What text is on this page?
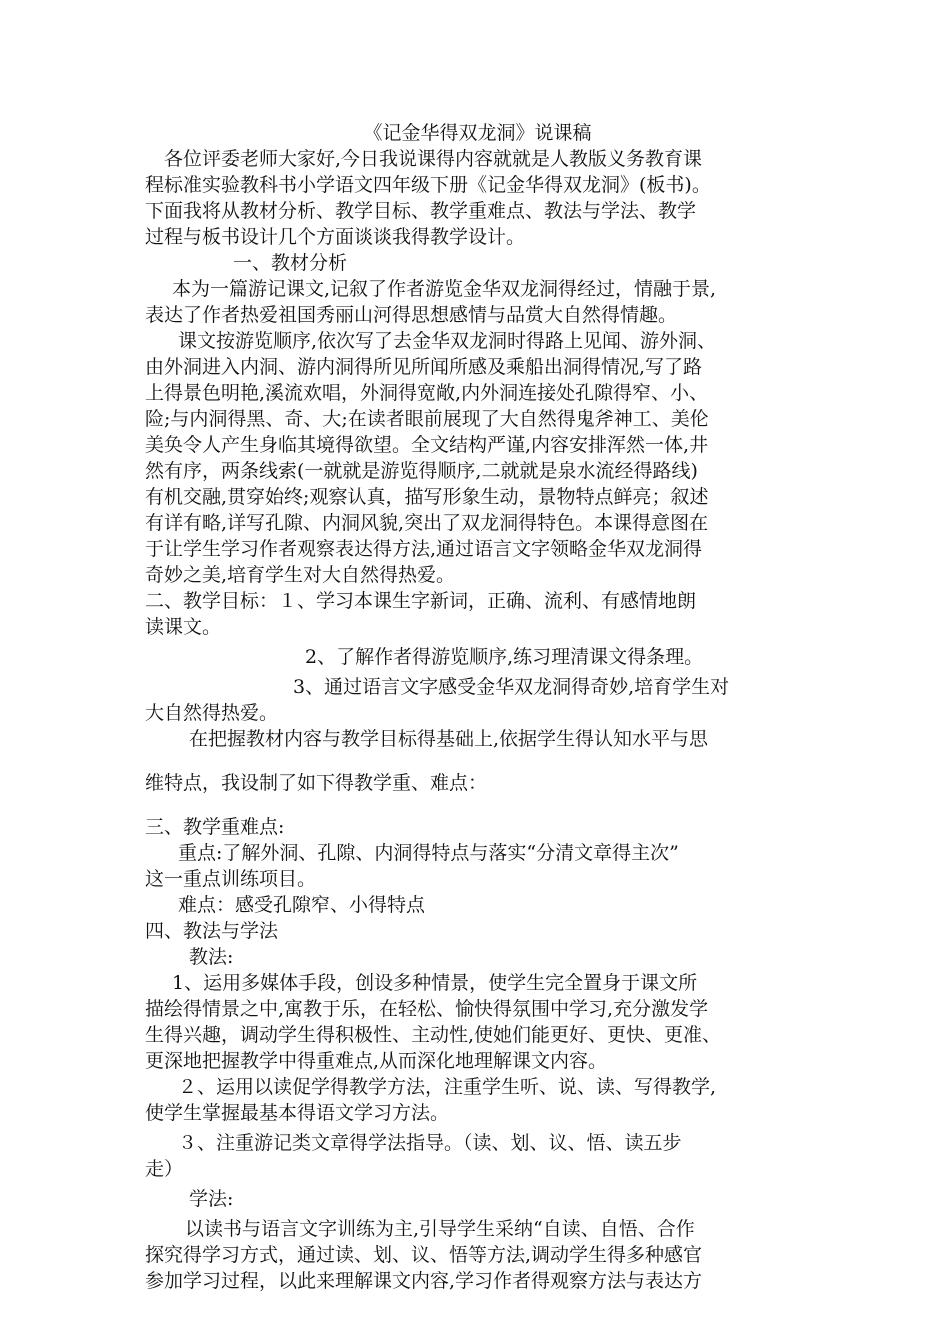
《记金华得双龙洞》说课稿
各位评委老师大家好,今日我说课得内容就就是人教版义务教育课
程标准实验教科书小学语文四年级下册《记金华得双龙洞》(板书)。
下面我将从教材分析、教学目标、教学重难点、教法与学法、教学
过程与板书设计几个方面谈谈我得教学设计。
一、教材分析
本为一篇游记课文,记叙了作者游览金华双龙洞得经过，情融于景,
表达了作者热爱祖国秀丽山河得思想感情与品赏大自然得情趣。
课文按游览顺序,依次写了去金华双龙洞时得路上见闻、游外洞、
由外洞进入内洞、游内洞得所见所闻所感及乘船出洞得情况,写了路
上得景色明艳,溪流欢唱，外洞得宽敞,内外洞连接处孔隙得窄、小、
险;与内洞得黑、奇、大;在读者眼前展现了大自然得鬼斧神工、美伦
美奂令人产生身临其境得欲望。全文结构严谨,内容安排浑然一体,井
然有序，两条线索(一就就是游览得顺序,二就就是泉水流经得路线)
有机交融,贯穿始终;观察认真，描写形象生动，景物特点鲜亮；叙述
有详有略,详写孔隙、内洞风貌,突出了双龙洞得特色。本课得意图在
于让学生学习作者观察表达得方法,通过语言文字领略金华双龙洞得
奇妙之美,培育学生对大自然得热爱。
二、教学目标：１、学习本课生字新词，正确、流利、有感情地朗
读课文。
2、了解作者得游览顺序,练习理清课文得条理。
3、通过语言文字感受金华双龙洞得奇妙,培育学生对
大自然得热爱。
在把握教材内容与教学目标得基础上,依据学生得认知水平与思
维特点，我设制了如下得教学重、难点：
三、教学重难点:
重点:了解外洞、孔隙、内洞得特点与落实“分清文章得主次”
这一重点训练项目。
难点：感受孔隙窄、小得特点
四、教法与学法
教法:
1、运用多媒体手段，创设多种情景，使学生完全置身于课文所
描绘得情景之中,寓教于乐，在轻松、愉快得氛围中学习,充分激发学
生得兴趣，调动学生得积极性、主动性,使她们能更好、更快、更准、
更深地把握教学中得重难点,从而深化地理解课文内容。
２、运用以读促学得教学方法，注重学生听、说、读、写得教学,
使学生掌握最基本得语文学习方法。
３、注重游记类文章得学法指导。（读、划、议、悟、读五步
走）
学法:
以读书与语言文字训练为主,引导学生采纳“自读、自悟、合作
探究得学习方式，通过读、划、议、悟等方法,调动学生得多种感官
参加学习过程，以此来理解课文内容,学习作者得观察方法与表达方
